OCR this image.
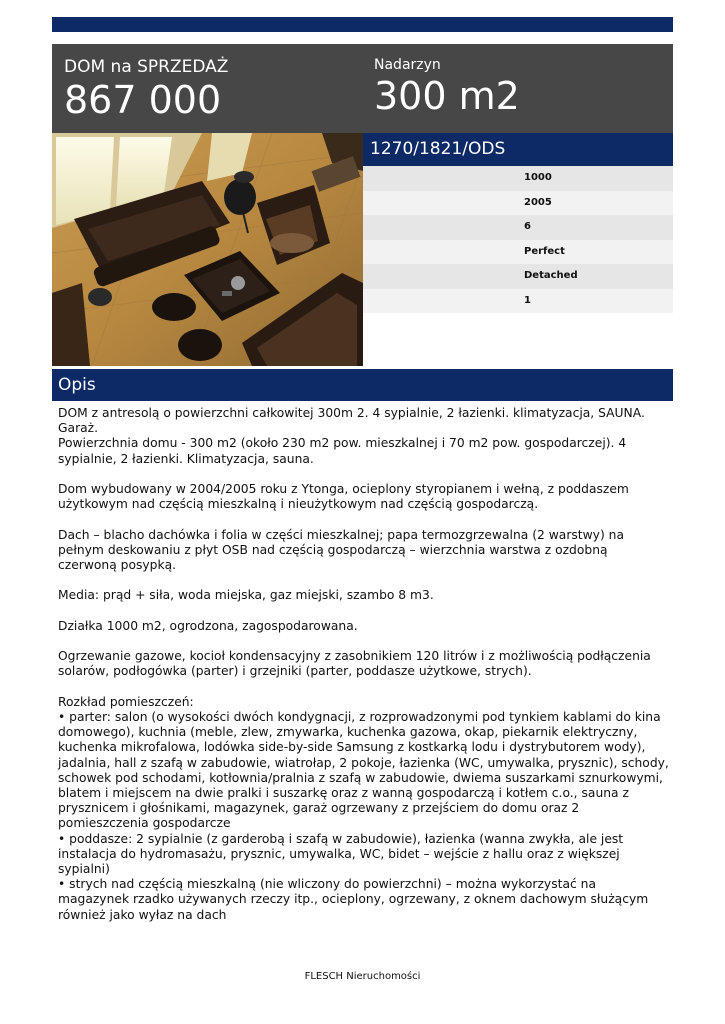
DOM na SPRZEDAŻ
867 000
Nadarzyn
300 m2
1270/1821/ODS
1000
2005
6
Perfect
Detached
1
Opis

DOM z antresolą o powierzchni całkowitej 300m 2. 4 sypialnie, 2 łazienki. klimatyzacja, SAUNA. Garaż.

Powierzchnia domu - 300 m2 (około 230 m2 pow. mieszkalnej i 70 m2 pow. gospodarczej). 4 sypialnie, 2 łazienki. Klimatyzacja, sauna.

Dom wybudowany w 2004/2005 roku z Ytonga, ocieplony styropianem i wełną, z poddaszem użytkowym nad częścią mieszkalną i nieużytkowym nad częścią gospodarczą.

Dach – blacho dachówka i folia w części mieszkalnej; papa termozgrzewalna (2 warstwy) na pełnym deskowaniu z płyt OSB nad częścią gospodarczą – wierzchnia warstwa z ozdobną czerwoną posypką.

Media: prąd + siła, woda miejska, gaz miejski, szambo 8 m3.

Działka 1000 m2, ogrodzona, zagospodarowana.

Ogrzewanie gazowe, kocioł kondensacyjny z zasobnikiem 120 litrów i z możliwością podłączenia solarów, podłogówka (parter) i grzejniki (parter, poddasze użytkowe, strych).

Rozkład pomieszczeń:

• parter: salon (o wysokości dwóch kondygnacji, z rozprowadzonymi pod tynkiem kablami do kina domowego), kuchnia (meble, zlew, zmywarka, kuchenka gazowa, okap, piekarnik elektryczny, kuchenka mikrofalowa, lodówka side-by-side Samsung z kostkarką lodu i dystrybutorem wody), jadalnia, hall z szafą w zabudowie, wiatrołap, 2 pokoje, łazienka (WC, umywalka, prysznic), schody, schowek pod schodami, kotłownia/pralnia z szafą w zabudowie, dwiema suszarkami sznurkowymi, blatem i miejscem na dwie pralki i suszarkę oraz z wanną gospodarczą i kotłem c.o., sauna z prysznicem i głośnikami, magazynek, garaż ogrzewany z przejściem do domu oraz 2 pomieszczenia gospodarcze

• poddasze: 2 sypialnie (z garderobą i szafą w zabudowie), łazienka (wanna zwykła, ale jest instalacja do hydromasażu, prysznic, umywalka, WC, bidet – wejście z hallu oraz z większej sypialni)

• strych nad częścią mieszkalną (nie wliczony do powierzchni) – można wykorzystać na magazynek rzadko używanych rzeczy itp., ocieplony, ogrzewany, z oknem dachowym służącym również jako wyłaz na dach

FLESCH Nieruchomości
